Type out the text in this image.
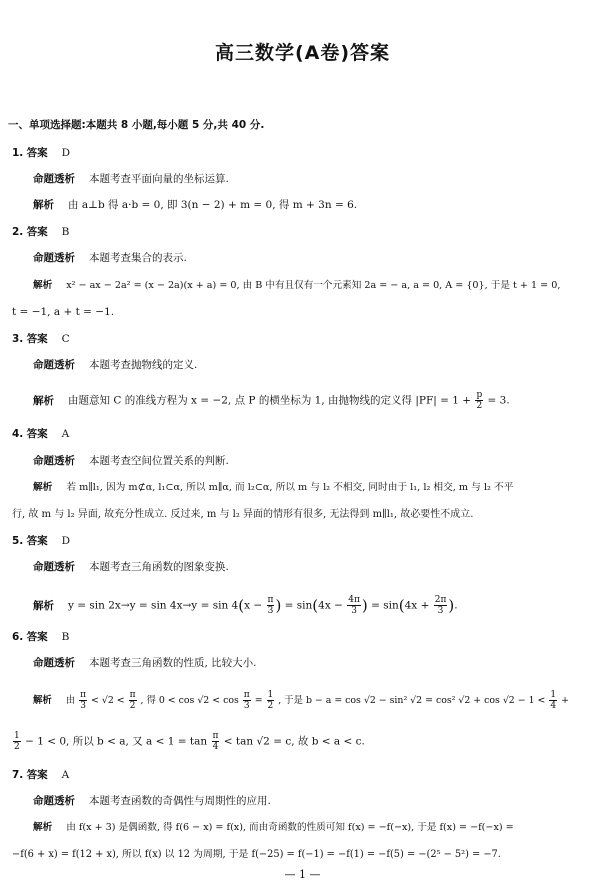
高三数学(A卷)答案
一、单项选择题:本题共 8 小题,每小题 5 分,共 40 分.
1. 答案 D
命题透析 本题考查平面向量的坐标运算.
解析 由 a⊥b 得 a·b = 0, 即 3(n − 2) + m = 0, 得 m + 3n = 6.
2. 答案 B
命题透析 本题考查集合的表示.
解析 x² − ax − 2a² = (x − 2a)(x + a) = 0, 由 B 中有且仅有一个元素知 2a = − a, a = 0, A = {0}, 于是 t + 1 = 0,
t = −1, a + t = −1.
3. 答案 C
命题透析 本题考查抛物线的定义.
解析 由题意知 C 的准线方程为 x = −2, 点 P 的横坐标为 1, 由抛物线的定义得 $|PF| = 1 + \frac{p}{2} = 3$.
4. 答案 A
命题透析 本题考查空间位置关系的判断.
解析 若 m∥l₁, 因为 m⊄α, l₁⊂α, 所以 m∥α, 而 l₂⊂α, 所以 m 与 l₂ 不相交, 同时由于 l₁, l₂ 相交, m 与 l₂ 不平
行, 故 m 与 l₂ 异面, 故充分性成立. 反过来, m 与 l₂ 异面的情形有很多, 无法得到 m∥l₁, 故必要性不成立.
5. 答案 D
命题透析 本题考查三角函数的图象变换.
解析 $y = \sin 2x\to y = \sin 4x\to y = \sin 4(x - \frac{\pi}{3}$ ) = $\sin(4x - \frac{4\pi}{3}$ ) = $\sin(4x + \frac{2\pi}{3}$ ).
6. 答案 B
命题透析 本题考查三角函数的性质, 比较大小.
解析 由 $\frac{\pi}{3} < √2 < \frac{\pi}{2}$ , 得 $0 < \cos √2 < \cos \frac{\pi}{3} = \frac{1}{2}$ , 于是 b − a = cos √2 − sin² √2 = cos² $√2 + \cos √2 - 1 < \frac{1}{4}$ +
$\frac{1}{2} - 1 < 0$, 所以 b < a, 又 $a < 1 = \tan \frac{\pi}{4} < \tan √2 = c$, 故 b < a < c.
7. 答案 A
命题透析 本题考查函数的奇偶性与周期性的应用.
解析 由 f(x + 3) 是偶函数, 得 f(6 − x) = f(x), 而由奇函数的性质可知 f(x) = −f(−x), 于是 f(x) = −f(−x) =
−f(6 + x) = f(12 + x), 所以 f(x) 以 12 为周期, 于是 f(−25) = f(−1) = −f(1) = −f(5) = −(2⁵ − 5²) = −7.
— 1 —
